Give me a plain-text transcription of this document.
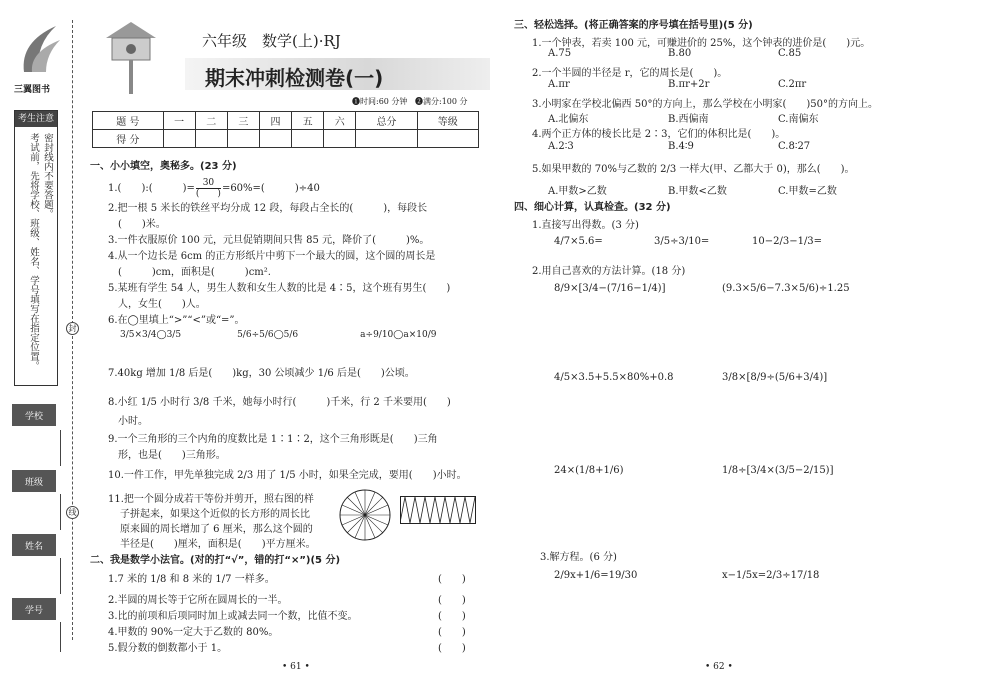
三翼图书
考生注意
密封线内不要答题。
考试前，先将学校、班级、姓名、学号填写在指定位置。
学校
班级
姓名
学号
封
线
六年级　数学(上)·RJ
期末冲刺检测卷(一)
❶时间:60 分钟 ❷满分:100 分
题 号	一	二	三	四	五	六	总分	等级
得 分								
一、小小填空，奥秘多。(23 分)
1.(　　):(　　　)= $\frac{30}{( )} =60\%=$(　　　)÷40
2.把一根 5 米长的铁丝平均分成 12 段，每段占全长的(　　　)，每段长
(　　)米。
3.一件衣服原价 100 元，元旦促销期间只售 85 元，降价了(　　　)%。
4.从一个边长是 6cm 的正方形纸片中剪下一个最大的圆，这个圆的周长是
(　　　)cm，面积是(　　　)cm².
5.某班有学生 54 人，男生人数和女生人数的比是 4∶5，这个班有男生(　　)
人，女生(　　)人。
6.在◯里填上“>”“<”或“=”。
3/5×3/4◯3/5	5/6÷5/6◯5/6	a÷9/10◯a×10/9
7.40kg 增加 1/8 后是(　　)kg，30 公顷减少 1/6 后是(　　)公顷。
8.小红 1/5 小时行 3/8 千米，她每小时行(　　　)千米，行 2 千米要用(　　)
小时。
9.一个三角形的三个内角的度数比是 1∶1∶2，这个三角形既是(　　)三角
形，也是(　　)三角形。
10.一件工作，甲先单独完成 2/3 用了 1/5 小时，如果全完成，要用(　　)小时。
11.把一个圆分成若干等份并剪开，照右图的样
子拼起来，如果这个近似的长方形的周长比
原来圆的周长增加了 6 厘米，那么这个圆的
半径是(　　)厘米，面积是(　　)平方厘米。
二、我是数学小法官。(对的打“√”，错的打“×”)(5 分)
1.7 米的 1/8 和 8 米的 1/7 一样多。
2.半圆的周长等于它所在圆周长的一半。
3.比的前项和后项同时加上或减去同一个数，比值不变。
4.甲数的 90%一定大于乙数的 80%。
5.假分数的倒数都小于 1。
(　　)
(　　)
(　　)
(　　)
(　　)
• 61 •
三、轻松选择。(将正确答案的序号填在括号里)(5 分)
1.一个钟表，若卖 100 元，可赚进价的 25%，这个钟表的进价是(　　)元。
A.75	B.80	C.85
2.一个半圆的半径是 r，它的周长是(　　)。
A.πr	B.πr+2r	C.2πr
3.小明家在学校北偏西 50°的方向上，那么学校在小明家(　　)50°的方向上。
A.北偏东	B.西偏南	C.南偏东
4.两个正方体的棱长比是 2∶3，它们的体积比是(　　)。
A.2∶3	B.4∶9	C.8∶27
5.如果甲数的 70%与乙数的 2/3 一样大(甲、乙都大于 0)，那么(　　)。
A.甲数>乙数	B.甲数<乙数	C.甲数=乙数
四、细心计算，认真检查。(32 分)
1.直接写出得数。(3 分)
4/7×5.6=	3/5÷3/10=	10−2/3−1/3=
2.用自己喜欢的方法计算。(18 分)
8/9×[3/4−(7/16−1/4)]	(9.3×5/6−7.3×5/6)÷1.25
4/5×3.5+5.5×80%+0.8	3/8×[8/9÷(5/6+3/4)]
24×(1/8+1/6)	1/8÷[3/4×(3/5−2/15)]
3.解方程。(6 分)
2/9x+1/6=19/30	x−1/5x=2/3÷17/18
• 62 •
